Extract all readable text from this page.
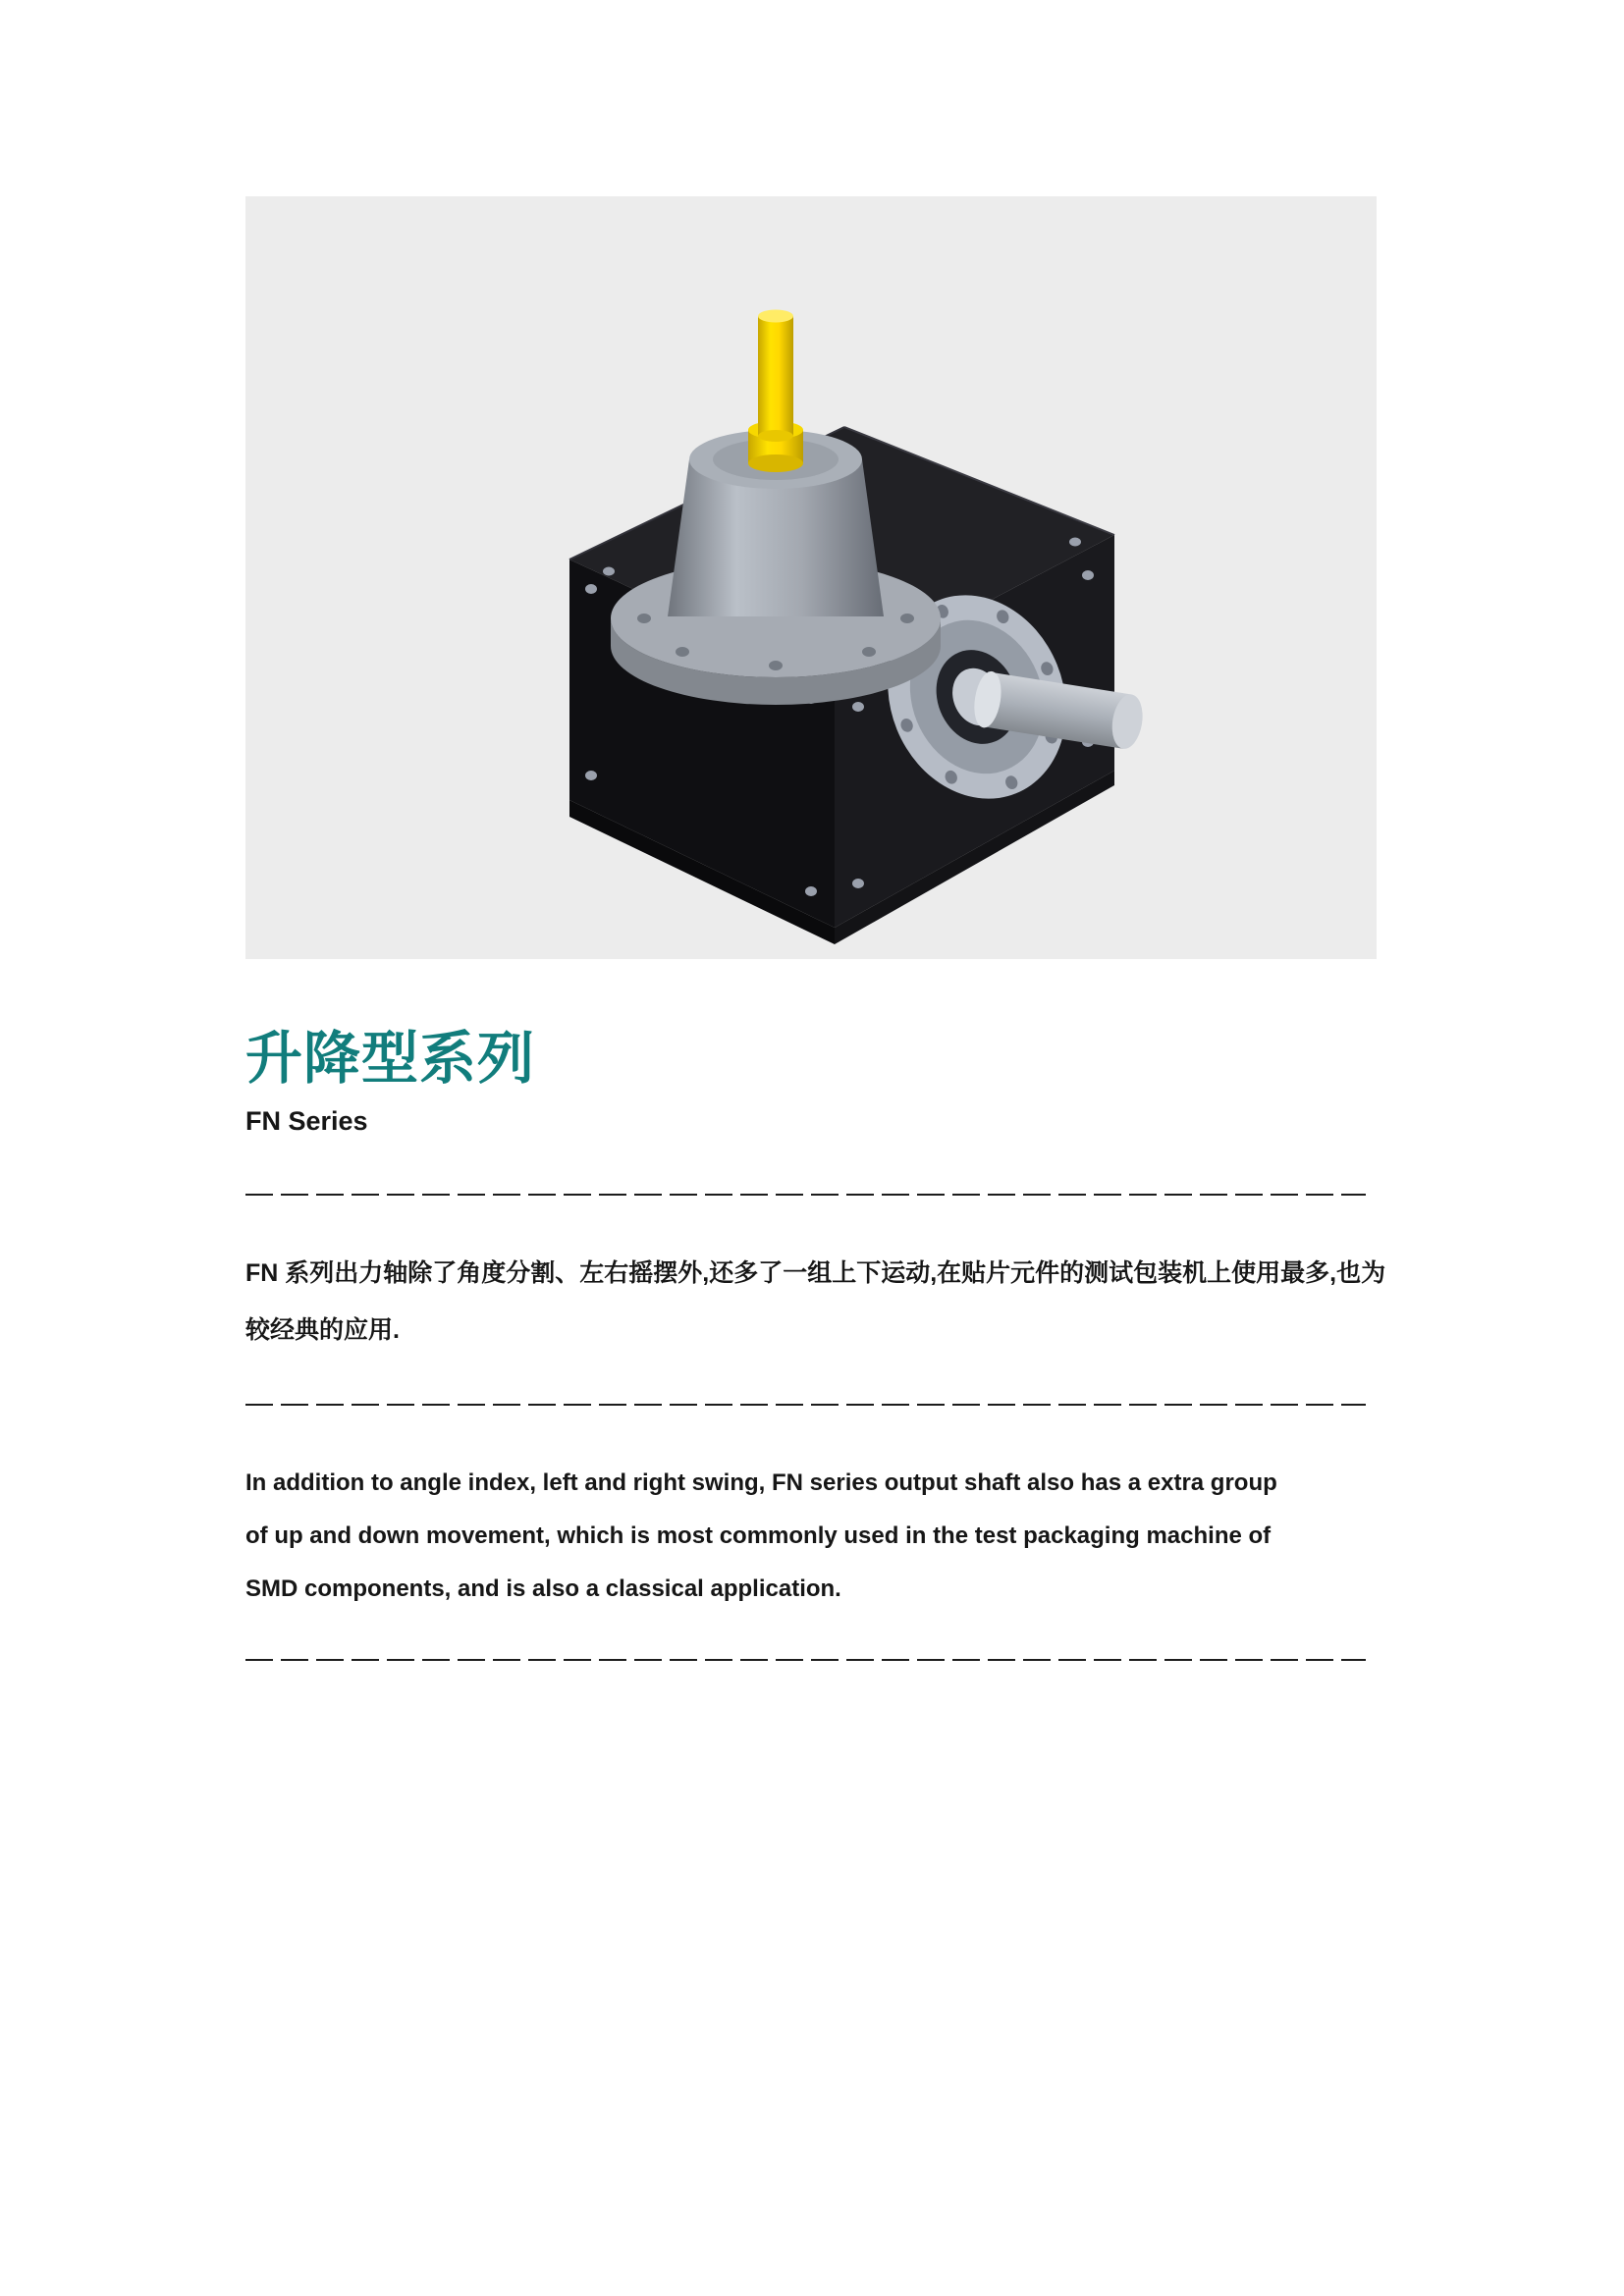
升降型系列
FN Series

FN 系列出力轴除了角度分割、左右摇摆外,还多了一组上下运动,在贴片元件的测试包装机上使用最多,也为
较经典的应用.

In addition to angle index, left and right swing, FN series output shaft also has a extra group
of up and down movement, which is most commonly used in the test packaging machine of
SMD components, and is also a classical application.
